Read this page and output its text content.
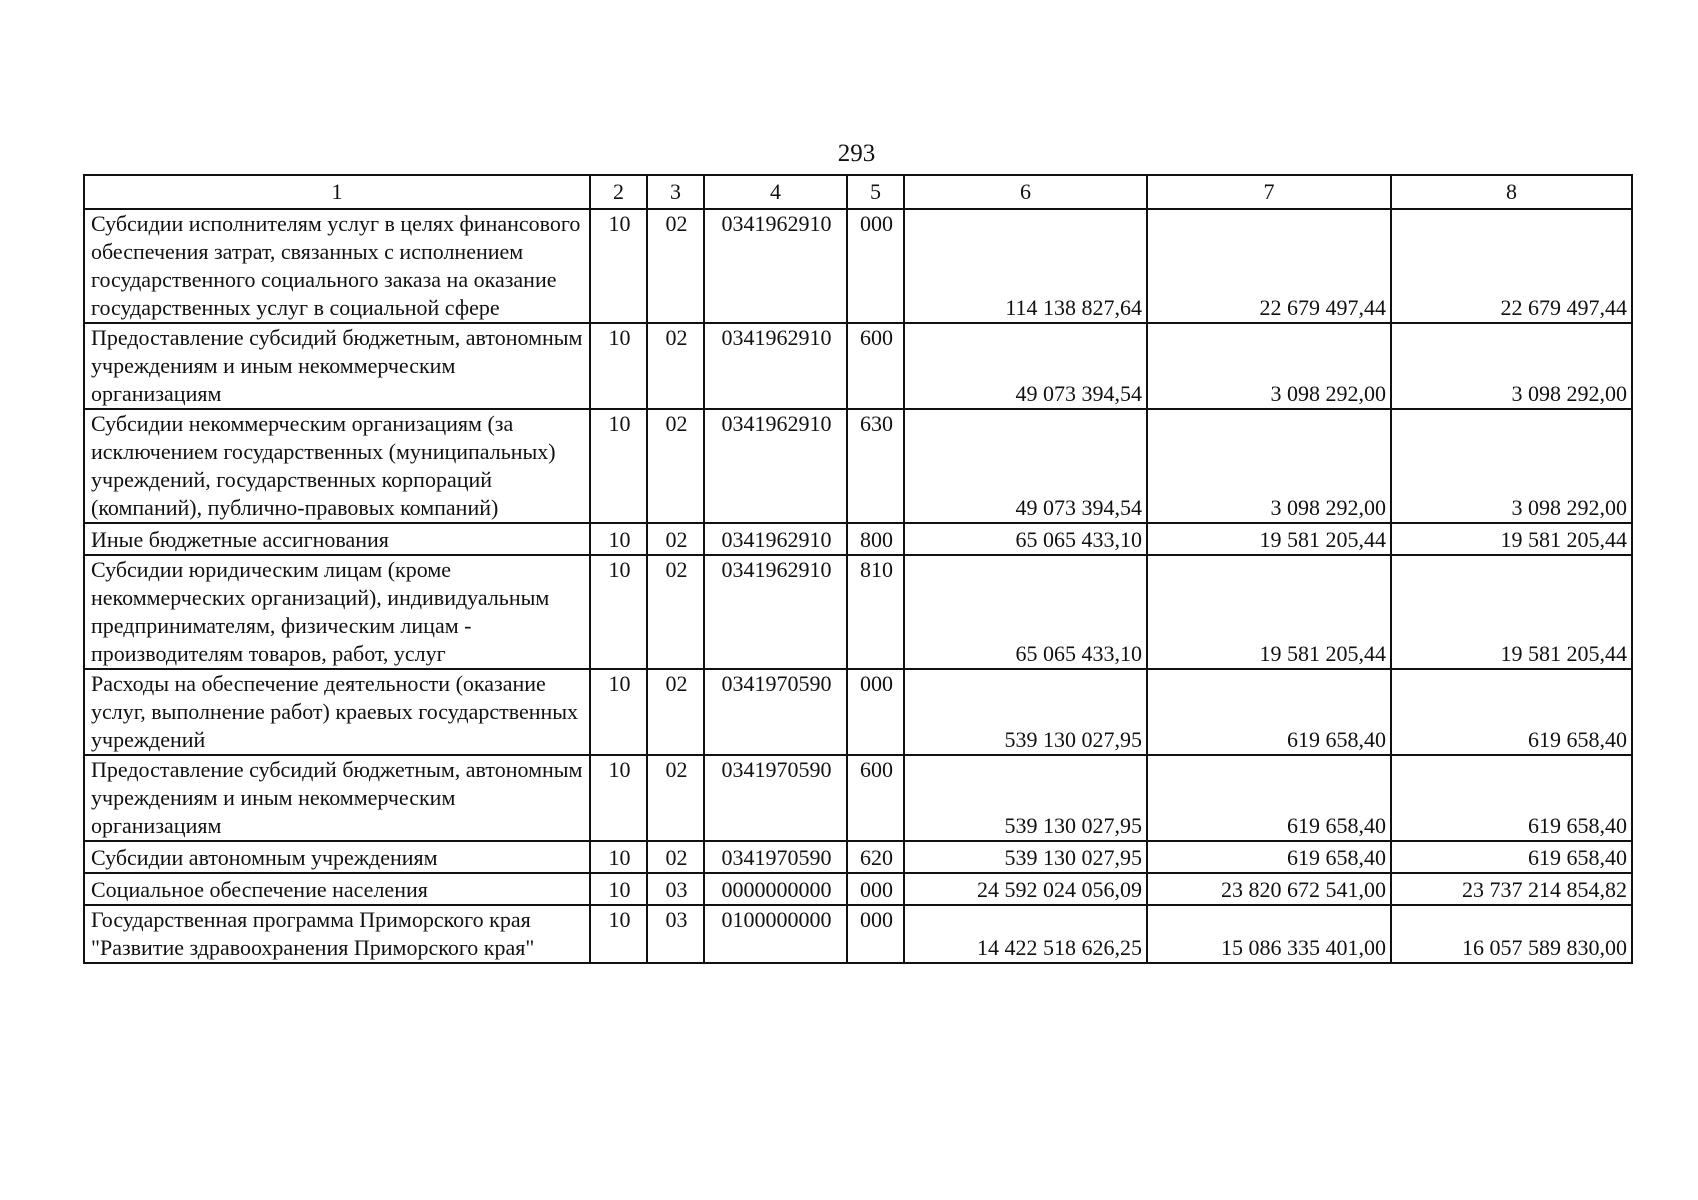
293
1	2	3	4	5	6	7	8
Субсидии исполнителям услуг в целях финансового обеспечения затрат, связанных с исполнением государственного социального заказа на оказание государственных услуг в социальной сфере	10	02	0341962910	000	114 138 827,64	22 679 497,44	22 679 497,44
Предоставление субсидий бюджетным, автономным учреждениям и иным некоммерческим организациям	10	02	0341962910	600	49 073 394,54	3 098 292,00	3 098 292,00
Субсидии некоммерческим организациям (за исключением государственных (муниципальных) учреждений, государственных корпораций (компаний), публично-правовых компаний)	10	02	0341962910	630	49 073 394,54	3 098 292,00	3 098 292,00
Иные бюджетные ассигнования	10	02	0341962910	800	65 065 433,10	19 581 205,44	19 581 205,44
Субсидии юридическим лицам (кроме некоммерческих организаций), индивидуальным предпринимателям, физическим лицам - производителям товаров, работ, услуг	10	02	0341962910	810	65 065 433,10	19 581 205,44	19 581 205,44
Расходы на обеспечение деятельности (оказание услуг, выполнение работ) краевых государственных учреждений	10	02	0341970590	000	539 130 027,95	619 658,40	619 658,40
Предоставление субсидий бюджетным, автономным учреждениям и иным некоммерческим организациям	10	02	0341970590	600	539 130 027,95	619 658,40	619 658,40
Субсидии автономным учреждениям	10	02	0341970590	620	539 130 027,95	619 658,40	619 658,40
Социальное обеспечение населения	10	03	0000000000	000	24 592 024 056,09	23 820 672 541,00	23 737 214 854,82
Государственная программа Приморского края "Развитие здравоохранения Приморского края"	10	03	0100000000	000	14 422 518 626,25	15 086 335 401,00	16 057 589 830,00
